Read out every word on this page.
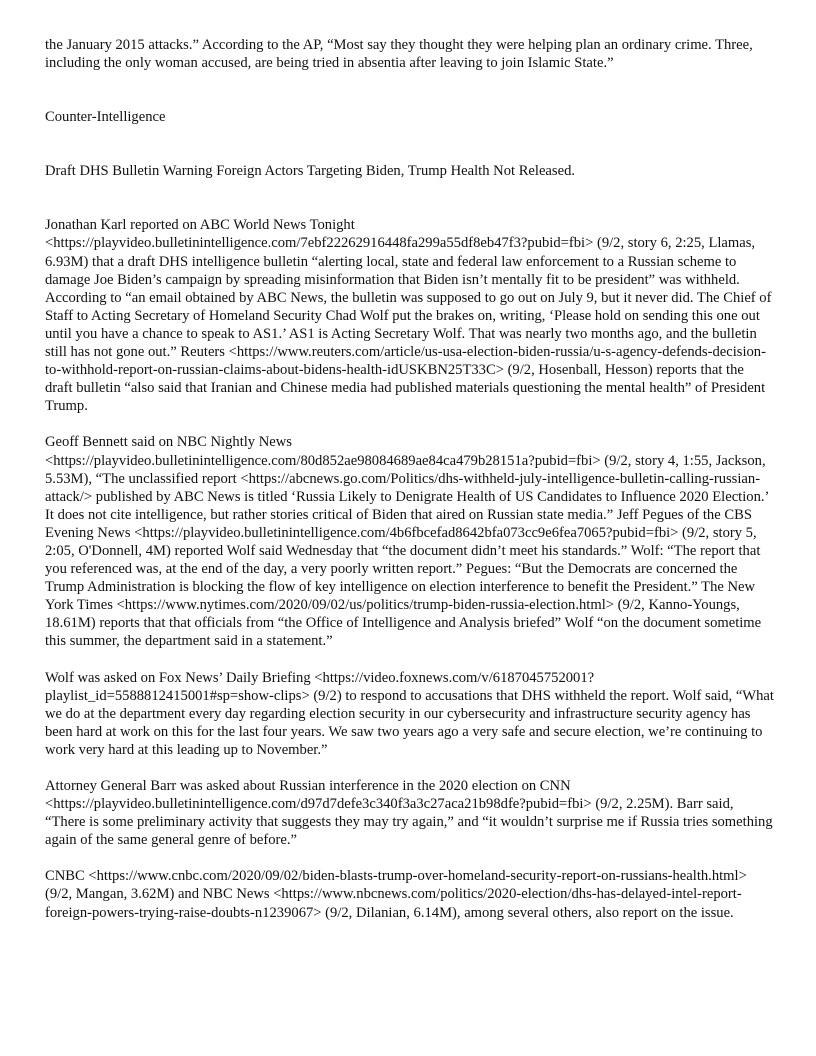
the January 2015 attacks.” According to the AP, “Most say they thought they were helping plan an ordinary crime. Three, including the only woman accused, are being tried in absentia after leaving to join Islamic State.”

Counter-Intelligence

Draft DHS Bulletin Warning Foreign Actors Targeting Biden, Trump Health Not Released.

Jonathan Karl reported on ABC World News Tonight <https://playvideo.bulletinintelligence.com/7ebf22262916448fa299a55df8eb47f3?pubid=fbi> (9/2, story 6, 2:25, Llamas, 6.93M) that a draft DHS intelligence bulletin “alerting local, state and federal law enforcement to a Russian scheme to damage Joe Biden’s campaign by spreading misinformation that Biden isn’t mentally fit to be president” was withheld. According to “an email obtained by ABC News, the bulletin was supposed to go out on July 9, but it never did. The Chief of Staff to Acting Secretary of Homeland Security Chad Wolf put the brakes on, writing, ‘Please hold on sending this one out until you have a chance to speak to AS1.’ AS1 is Acting Secretary Wolf. That was nearly two months ago, and the bulletin still has not gone out.” Reuters <https://www.reuters.com/article/us-usa-election-biden-russia/u-s-agency-defends-decision-to-withhold-report-on-russian-claims-about-bidens-health-idUSKBN25T33C> (9/2, Hosenball, Hesson) reports that the draft bulletin “also said that Iranian and Chinese media had published materials questioning the mental health” of President Trump.

Geoff Bennett said on NBC Nightly News <https://playvideo.bulletinintelligence.com/80d852ae98084689ae84ca479b28151a?pubid=fbi> (9/2, story 4, 1:55, Jackson, 5.53M), “The unclassified report <https://abcnews.go.com/Politics/dhs-withheld-july-intelligence-bulletin-calling-russian-attack/> published by ABC News is titled ‘Russia Likely to Denigrate Health of US Candidates to Influence 2020 Election.’ It does not cite intelligence, but rather stories critical of Biden that aired on Russian state media.” Jeff Pegues of the CBS Evening News <https://playvideo.bulletinintelligence.com/4b6fbcefad8642bfa073cc9e6fea7065?pubid=fbi> (9/2, story 5, 2:05, O'Donnell, 4M) reported Wolf said Wednesday that “the document didn’t meet his standards.” Wolf: “The report that you referenced was, at the end of the day, a very poorly written report.” Pegues: “But the Democrats are concerned the Trump Administration is blocking the flow of key intelligence on election interference to benefit the President.” The New York Times <https://www.nytimes.com/2020/09/02/us/politics/trump-biden-russia-election.html> (9/2, Kanno-Youngs, 18.61M) reports that that officials from “the Office of Intelligence and Analysis briefed” Wolf “on the document sometime this summer, the department said in a statement.”

Wolf was asked on Fox News’ Daily Briefing <https://video.foxnews.com/v/6187045752001?playlist_id=5588812415001#sp=show-clips> (9/2) to respond to accusations that DHS withheld the report. Wolf said, “What we do at the department every day regarding election security in our cybersecurity and infrastructure security agency has been hard at work on this for the last four years. We saw two years ago a very safe and secure election, we’re continuing to work very hard at this leading up to November.”

Attorney General Barr was asked about Russian interference in the 2020 election on CNN <https://playvideo.bulletinintelligence.com/d97d7defe3c340f3a3c27aca21b98dfe?pubid=fbi> (9/2, 2.25M). Barr said, “There is some preliminary activity that suggests they may try again,” and “it wouldn’t surprise me if Russia tries something again of the same general genre of before.”

CNBC <https://www.cnbc.com/2020/09/02/biden-blasts-trump-over-homeland-security-report-on-russians-health.html> (9/2, Mangan, 3.62M) and NBC News <https://www.nbcnews.com/politics/2020-election/dhs-has-delayed-intel-report-foreign-powers-trying-raise-doubts-n1239067> (9/2, Dilanian, 6.14M), among several others, also report on the issue.
